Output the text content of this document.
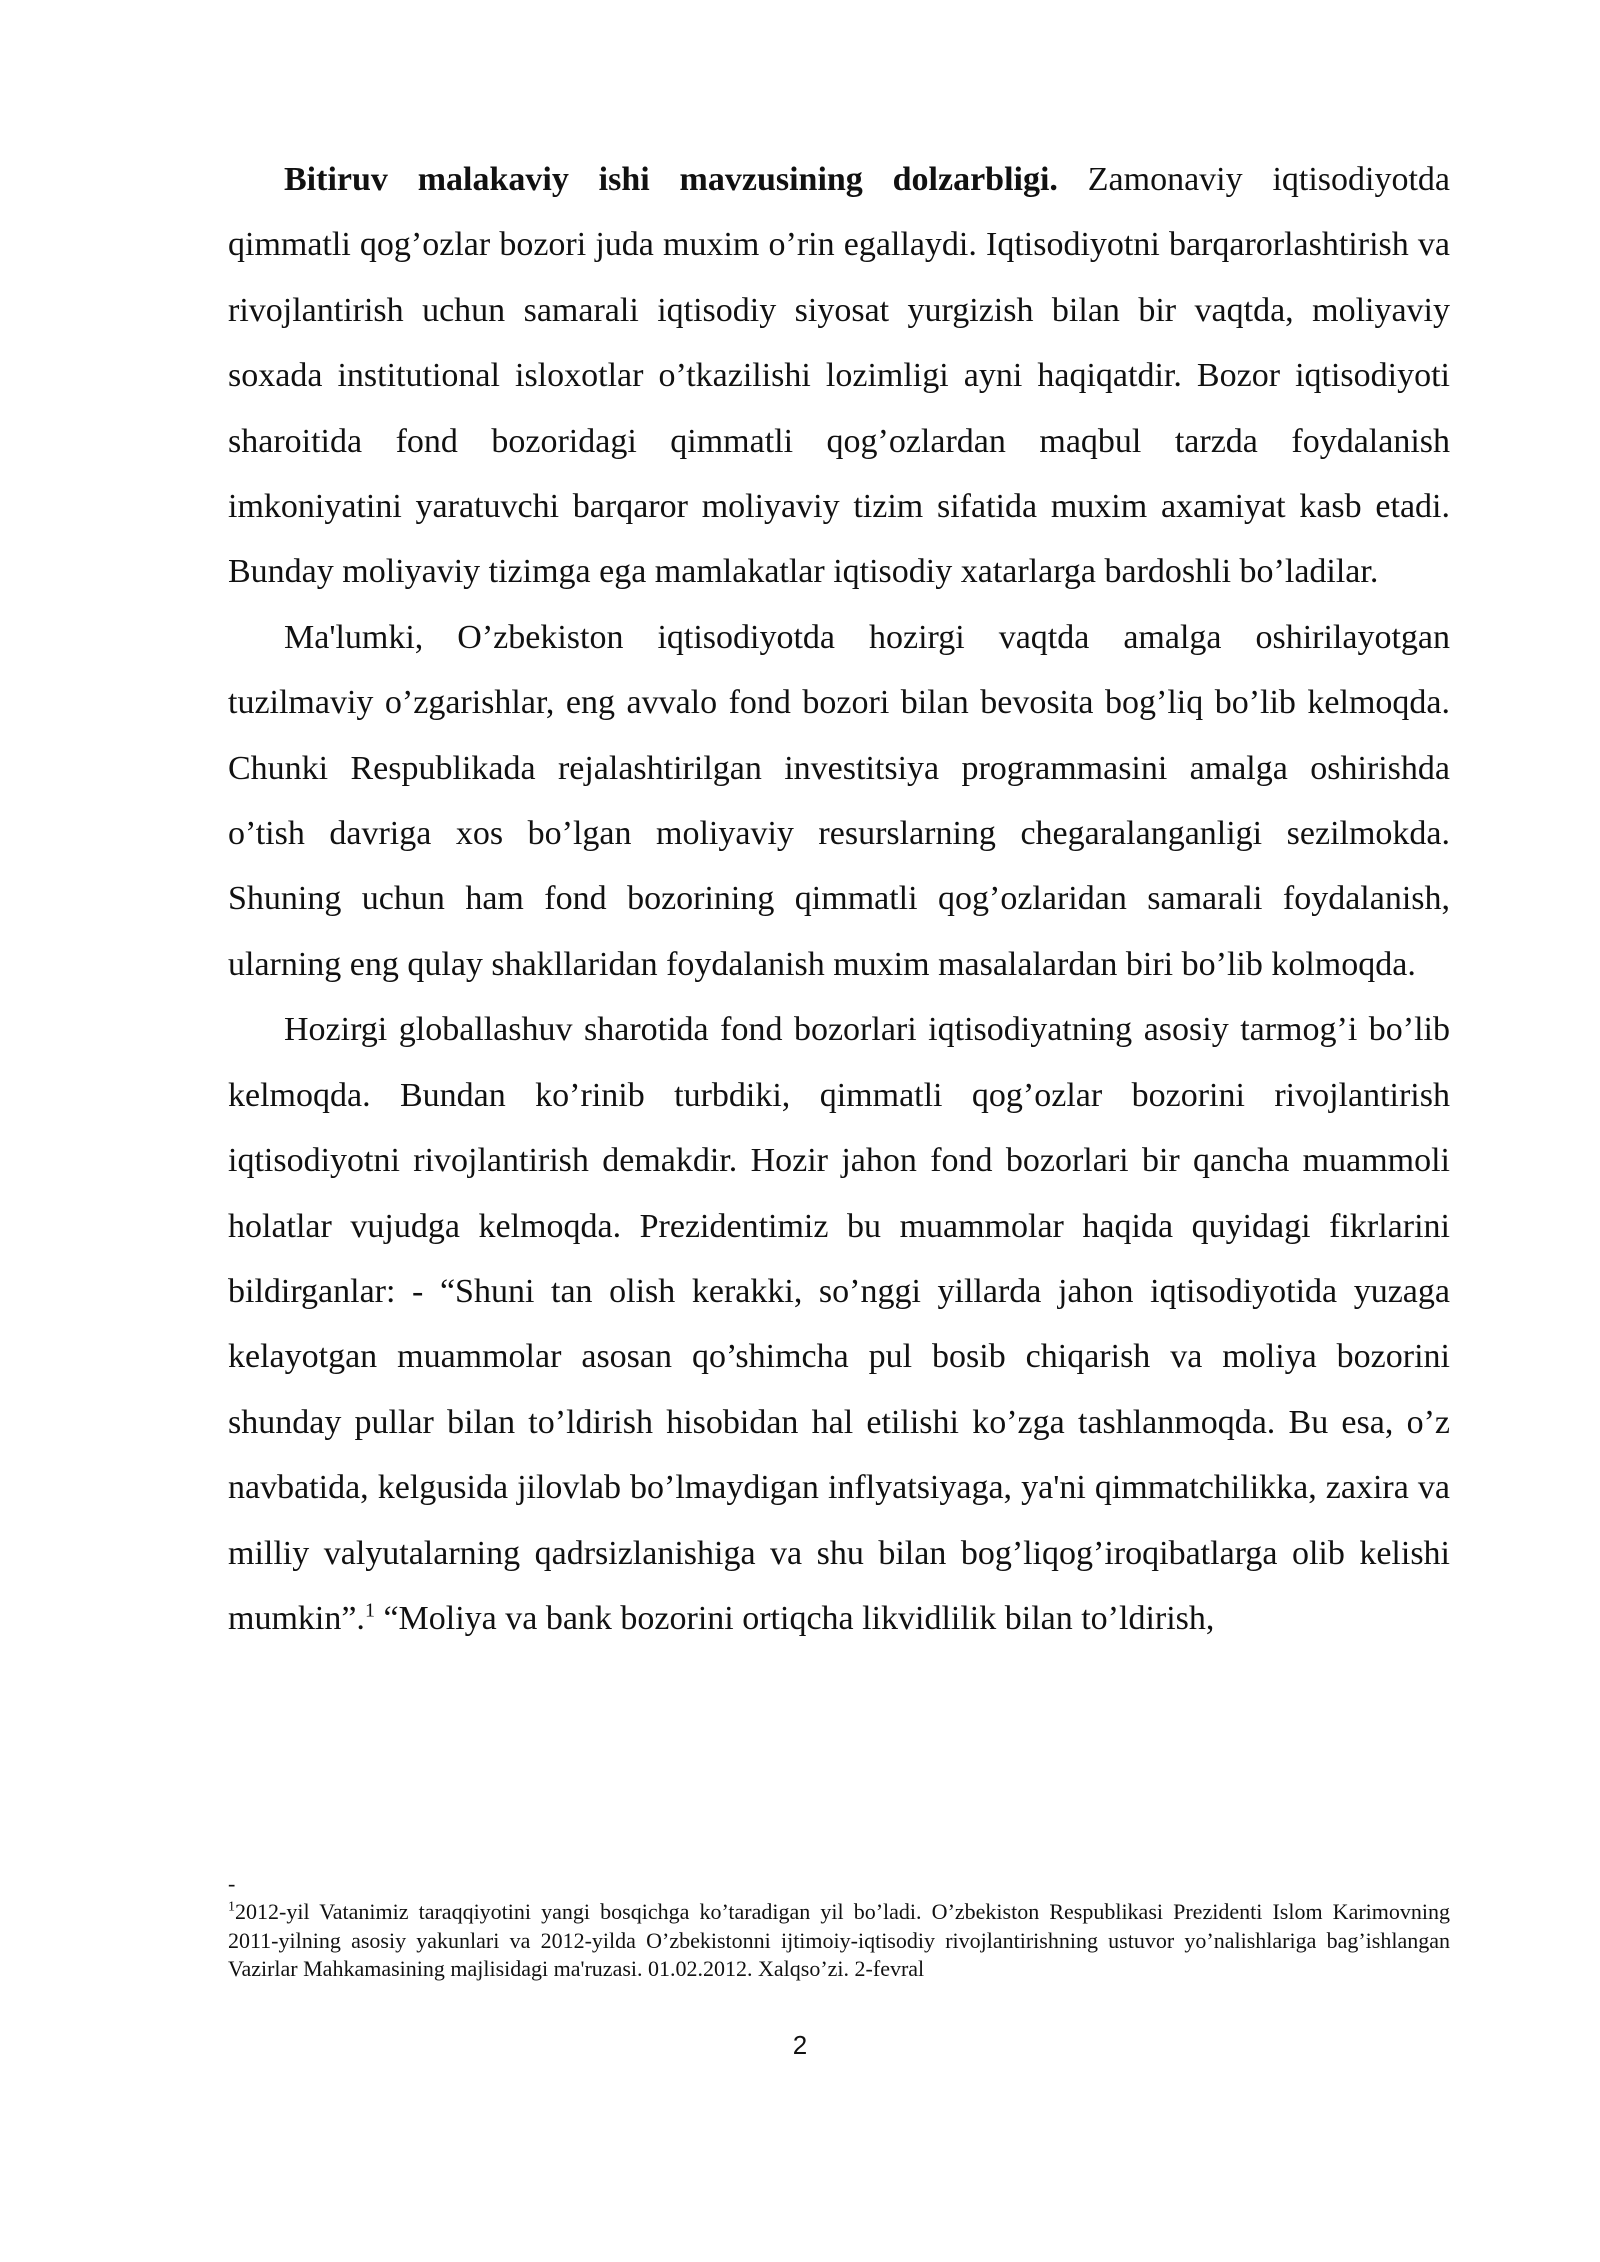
Bitiruv malakaviy ishi mavzusining dolzarbligi. Zamonaviy iqtisodiyotda qimmatli qog’ozlar bozori juda muxim o’rin egallaydi. Iqtisodiyotni barqarorlashtirish va rivojlantirish uchun samarali iqtisodiy siyosat yurgizish bilan bir vaqtda, moliyaviy soxada institutional isloxotlar o’tkazilishi lozimligi ayni haqiqatdir. Bozor iqtisodiyoti sharoitida fond bozoridagi qimmatli qog’ozlardan maqbul tarzda foydalanish imkoniyatini yaratuvchi barqaror moliyaviy tizim sifatida muxim axamiyat kasb etadi. Bunday moliyaviy tizimga ega mamlakatlar iqtisodiy xatarlarga bardoshli bo’ladilar.

Ma'lumki, O’zbekiston iqtisodiyotda hozirgi vaqtda amalga oshirilayotgan tuzilmaviy o’zgarishlar, eng avvalo fond bozori bilan bevosita bog’liq bo’lib kelmoqda. Chunki Respublikada rejalashtirilgan investitsiya programmasini amalga oshirishda o’tish davriga xos bo’lgan moliyaviy resurslarning chegaralanganligi sezilmokda. Shuning uchun ham fond bozorining qimmatli qog’ozlaridan samarali foydalanish, ularning eng qulay shakllaridan foydalanish muxim masalalardan biri bo’lib kolmoqda.

Hozirgi globallashuv sharotida fond bozorlari iqtisodiyatning asosiy tarmog’i bo’lib kelmoqda. Bundan ko’rinib turbdiki, qimmatli qog’ozlar bozorini rivojlantirish iqtisodiyotni rivojlantirish demakdir. Hozir jahon fond bozorlari bir qancha muammoli holatlar vujudga kelmoqda. Prezidentimiz bu muammolar haqida quyidagi fikrlarini bildirganlar: - “Shuni tan olish kerakki, so’nggi yillarda jahon iqtisodiyotida yuzaga kelayotgan muammolar asosan qo’shimcha pul bosib chiqarish va moliya bozorini shunday pullar bilan to’ldirish hisobidan hal etilishi ko’zga tashlanmoqda. Bu esa, o’z navbatida, kelgusida jilovlab bo’lmaydigan inflyatsiyaga, ya'ni qimmatchilikka, zaxira va milliy valyutalarning qadrsizlanishiga va shu bilan bog’liqog’iroqibatlarga olib kelishi mumkin”.$^1$ “Moliya va bank bozorini ortiqcha likvidlilik bilan to’ldirish,

-

$^1$2012-yil Vatanimiz taraqqiyotini yangi bosqichga ko’taradigan yil bo’ladi. O’zbekiston Respublikasi Prezidenti Islom Karimovning 2011-yilning asosiy yakunlari va 2012-yilda O’zbekistonni ijtimoiy-iqtisodiy rivojlantirishning ustuvor yo’nalishlariga bag’ishlangan Vazirlar Mahkamasining majlisidagi ma'ruzasi. 01.02.2012. Xalqso’zi. 2-fevral

2
